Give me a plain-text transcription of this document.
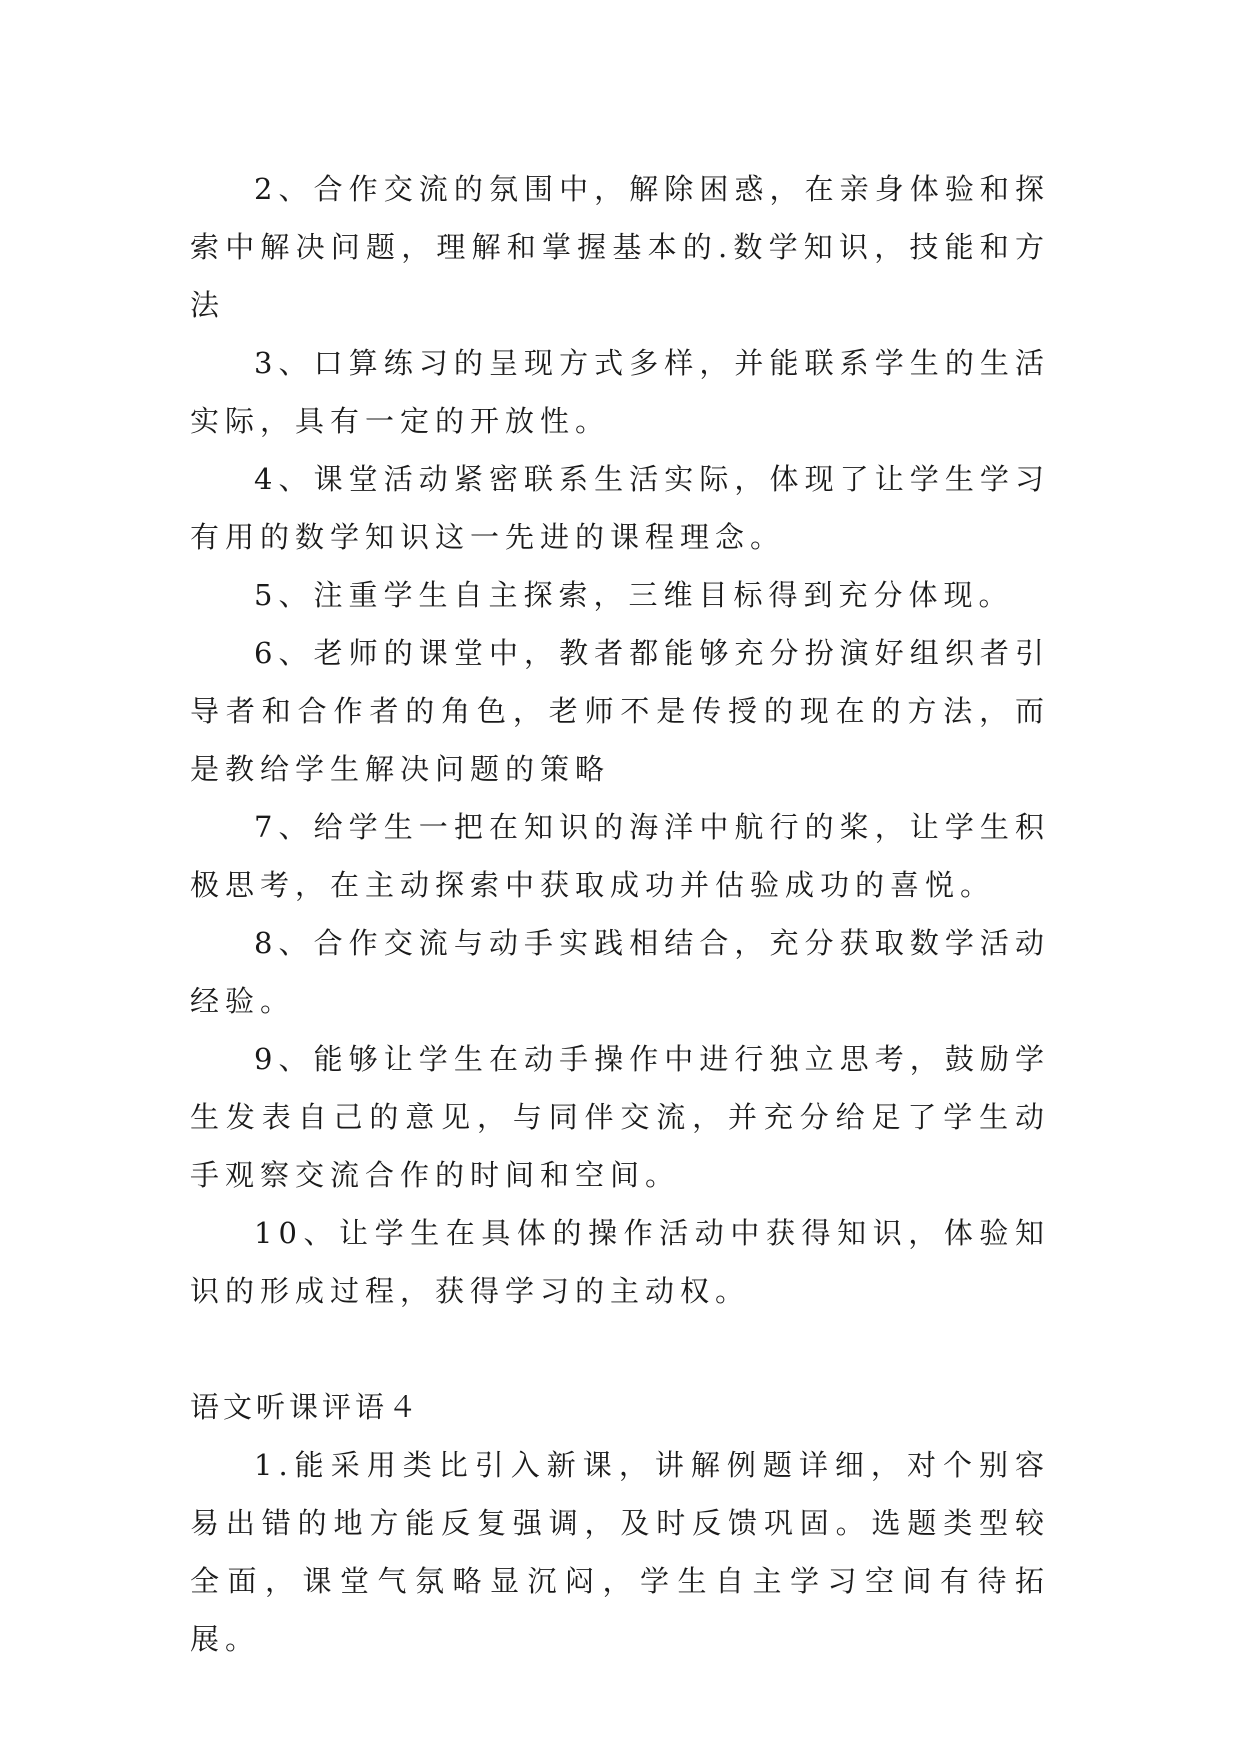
2、合作交流的氛围中，解除困惑，在亲身体验和探索中解决问题，理解和掌握基本的.数学知识，技能和方法

3、口算练习的呈现方式多样，并能联系学生的生活实际，具有一定的开放性。

4、课堂活动紧密联系生活实际，体现了让学生学习有用的数学知识这一先进的课程理念。

5、注重学生自主探索，三维目标得到充分体现。

6、老师的课堂中，教者都能够充分扮演好组织者引导者和合作者的角色，老师不是传授的现在的方法，而是教给学生解决问题的策略

7、给学生一把在知识的海洋中航行的桨，让学生积极思考，在主动探索中获取成功并估验成功的喜悦。

8、合作交流与动手实践相结合，充分获取数学活动经验。

9、能够让学生在动手操作中进行独立思考，鼓励学生发表自己的意见，与同伴交流，并充分给足了学生动手观察交流合作的时间和空间。

10、让学生在具体的操作活动中获得知识，体验知识的形成过程，获得学习的主动权。

语文听课评语４

1.能采用类比引入新课，讲解例题详细，对个别容易出错的地方能反复强调，及时反馈巩固。选题类型较全面，课堂气氛略显沉闷，学生自主学习空间有待拓展。
